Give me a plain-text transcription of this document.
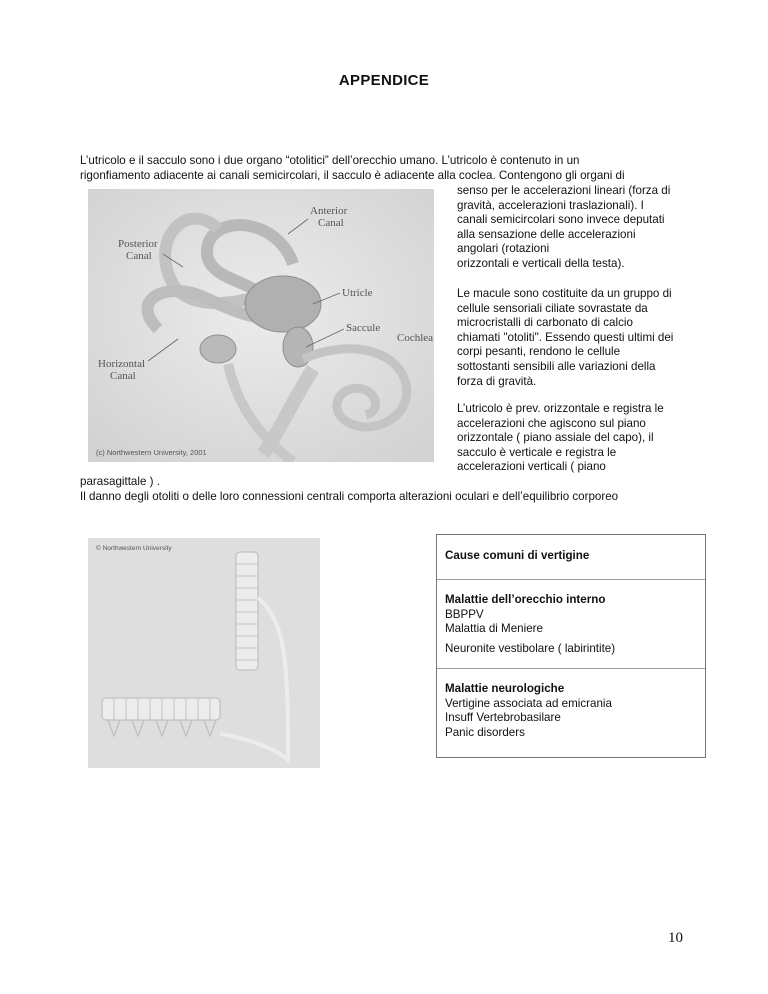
APPENDICE
L’utricolo e il sacculo sono i due organo “otolitici” dell’orecchio umano. L’utricolo è contenuto in un
rigonfiamento adiacente ai canali semicircolari, il sacculo è adiacente alla coclea. Contengono gli organi di
Anterior
Canal
Posterior
Canal
Utricle
Saccule
Cochlea
Horizontal
Canal
(c) Northwestern University, 2001
senso per le accelerazioni lineari (forza di
gravità, accelerazioni traslazionali). I
canali semicircolari sono invece deputati
alla sensazione delle accelerazioni
angolari (rotazioni
orizzontali e verticali della testa).
Le macule sono costituite da un gruppo di
cellule sensoriali ciliate sovrastate da
microcristalli di carbonato di calcio
chiamati "otoliti". Essendo questi ultimi dei
corpi pesanti, rendono le cellule
sottostanti sensibili alle variazioni della
forza di gravità.
L’utricolo è prev. orizzontale e registra le
accelerazioni che agiscono sul piano
orizzontale ( piano assiale del capo), il
sacculo è verticale e registra le
accelerazioni verticali ( piano
parasagittale ) .
Il danno degli otoliti o delle loro connessioni centrali comporta alterazioni oculari e dell’equilibrio corporeo
© Northwestern University
Cause comuni di vertigine
Malattie dell’orecchio interno
BBPPV
Malattia di Meniere
Neuronite vestibolare ( labirintite)
Malattie neurologiche
Vertigine associata ad emicrania
Insuff Vertebrobasilare
Panic disorders
10
